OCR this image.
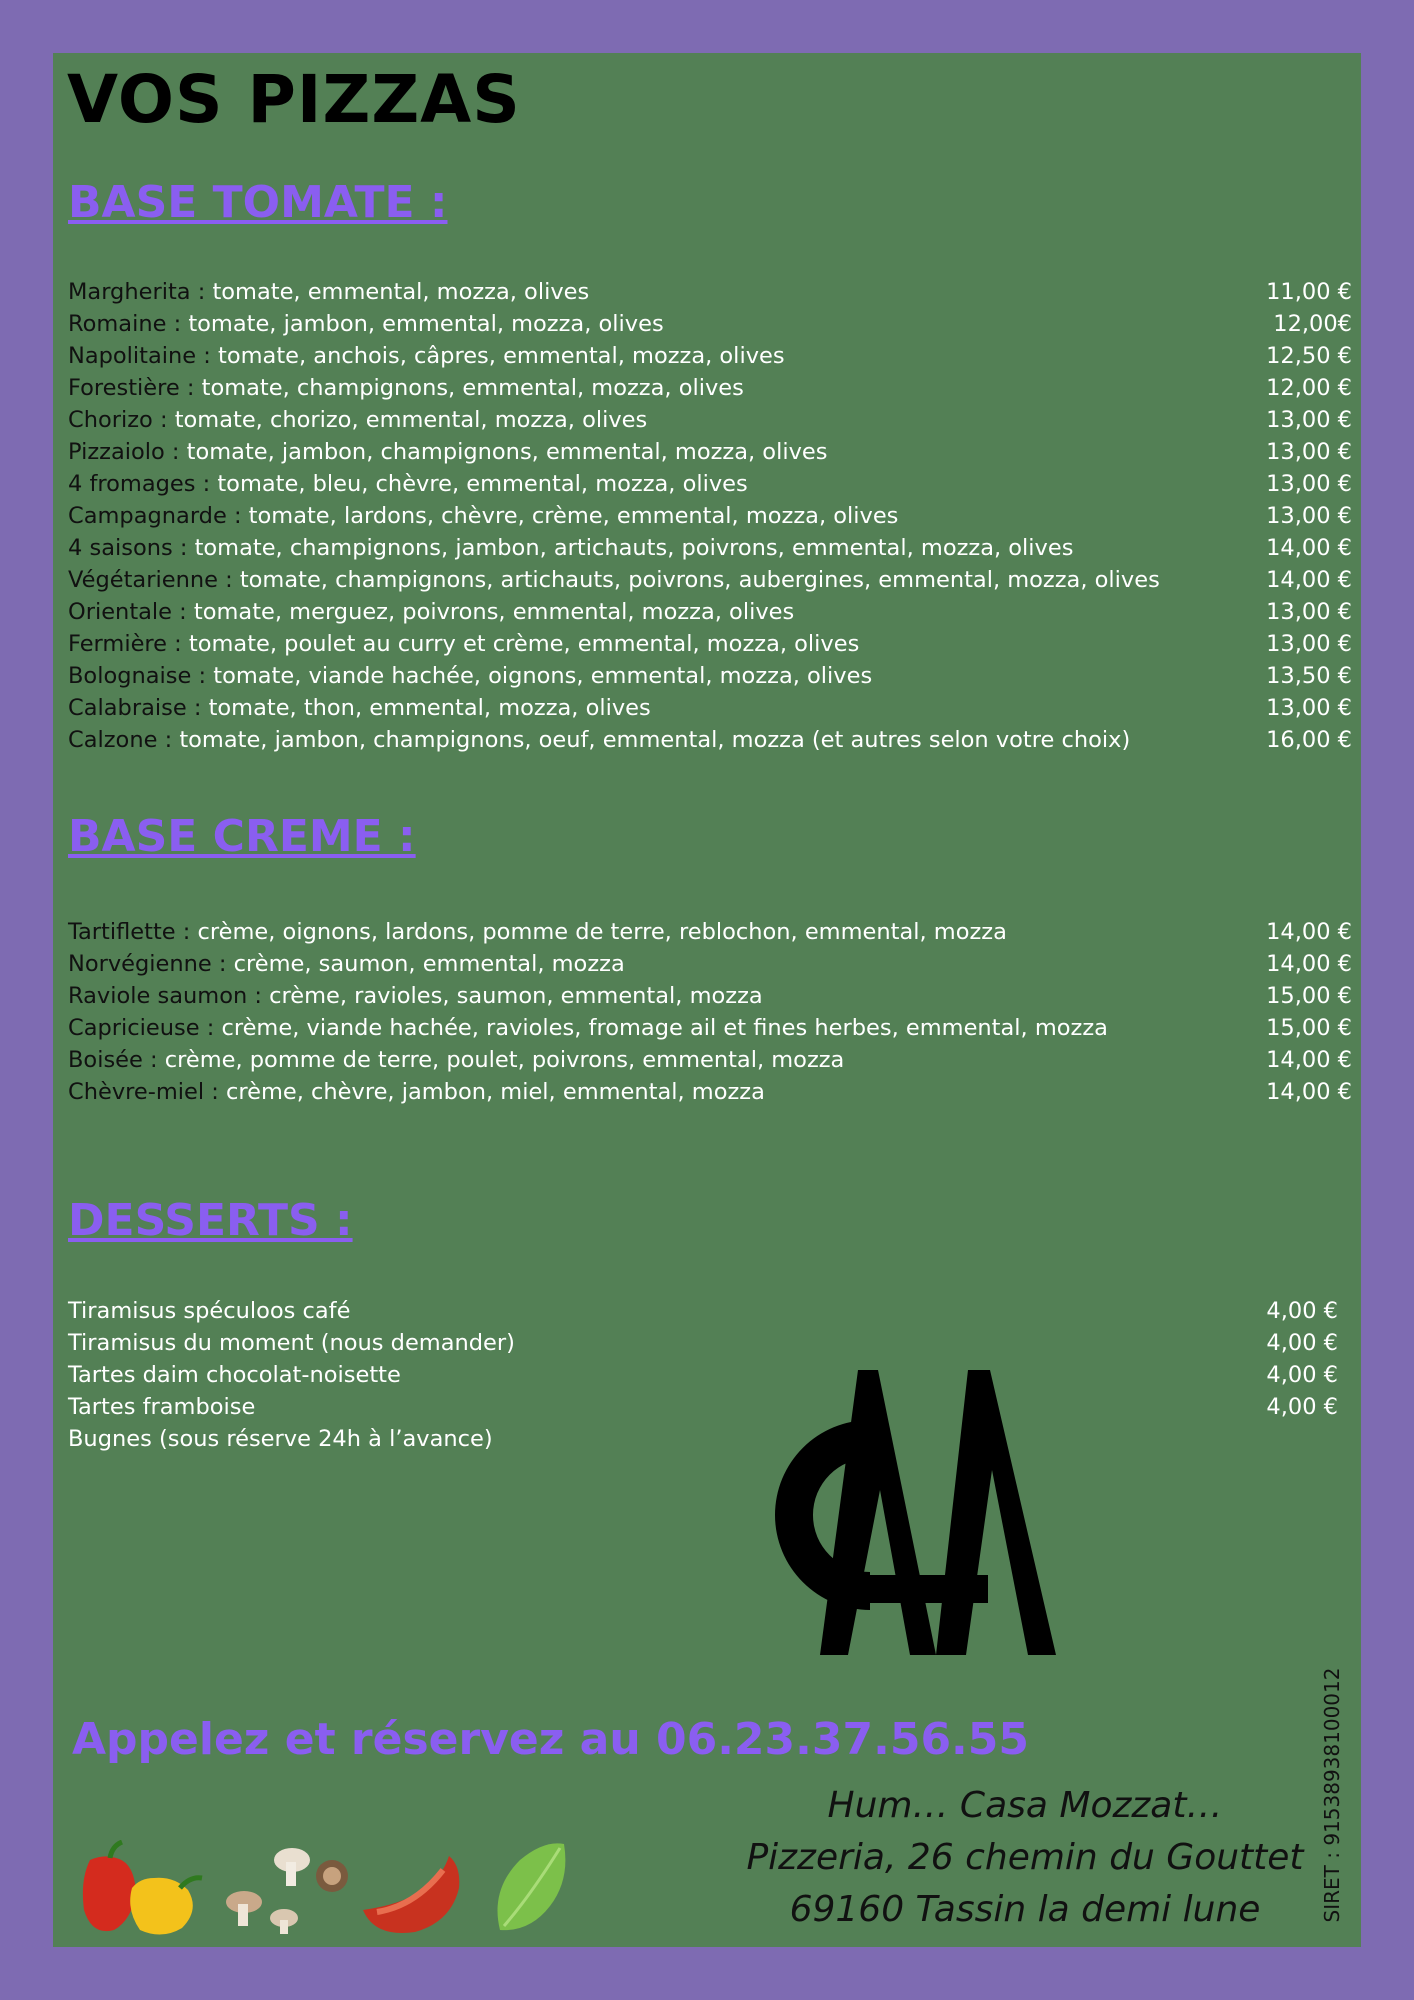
VOS PIZZAS
BASE TOMATE :
Margherita : tomate, emmental, mozza, olives	11,00 €
Romaine : tomate, jambon, emmental, mozza, olives	12,00€
Napolitaine : tomate, anchois, câpres, emmental, mozza, olives	12,50 €
Forestière : tomate, champignons, emmental, mozza, olives	12,00 €
Chorizo : tomate, chorizo, emmental, mozza, olives	13,00 €
Pizzaiolo : tomate, jambon, champignons, emmental, mozza, olives	13,00 €
4 fromages : tomate, bleu, chèvre, emmental, mozza, olives	13,00 €
Campagnarde : tomate, lardons, chèvre, crème, emmental, mozza, olives	13,00 €
4 saisons : tomate, champignons, jambon, artichauts, poivrons, emmental, mozza, olives	14,00 €
Végétarienne : tomate, champignons, artichauts, poivrons, aubergines, emmental, mozza, olives	14,00 €
Orientale : tomate, merguez, poivrons, emmental, mozza, olives	13,00 €
Fermière : tomate, poulet au curry et crème, emmental, mozza, olives	13,00 €
Bolognaise : tomate, viande hachée, oignons, emmental, mozza, olives	13,50 €
Calabraise : tomate, thon, emmental, mozza, olives	13,00 €
Calzone : tomate, jambon, champignons, oeuf, emmental, mozza (et autres selon votre choix)	16,00 €
BASE CREME :
Tartiflette : crème, oignons, lardons, pomme de terre, reblochon, emmental, mozza	14,00 €
Norvégienne : crème, saumon, emmental, mozza	14,00 €
Raviole saumon : crème, ravioles, saumon, emmental, mozza	15,00 €
Capricieuse : crème, viande hachée, ravioles, fromage ail et fines herbes, emmental, mozza	15,00 €
Boisée : crème, pomme de terre, poulet, poivrons, emmental, mozza	14,00 €
Chèvre-miel : crème, chèvre, jambon, miel, emmental, mozza	14,00 €
DESSERTS :
Tiramisus spéculoos café	4,00 €
Tiramisus du moment (nous demander)	4,00 €
Tartes daim chocolat-noisette	4,00 €
Tartes framboise	4,00 €
Bugnes (sous réserve 24h à l’avance)

Appelez et réservez au 06.23.37.56.55

Hum… Casa Mozzat…
Pizzeria, 26 chemin du Gouttet
69160 Tassin la demi lune	SIRET : 91538938100012
